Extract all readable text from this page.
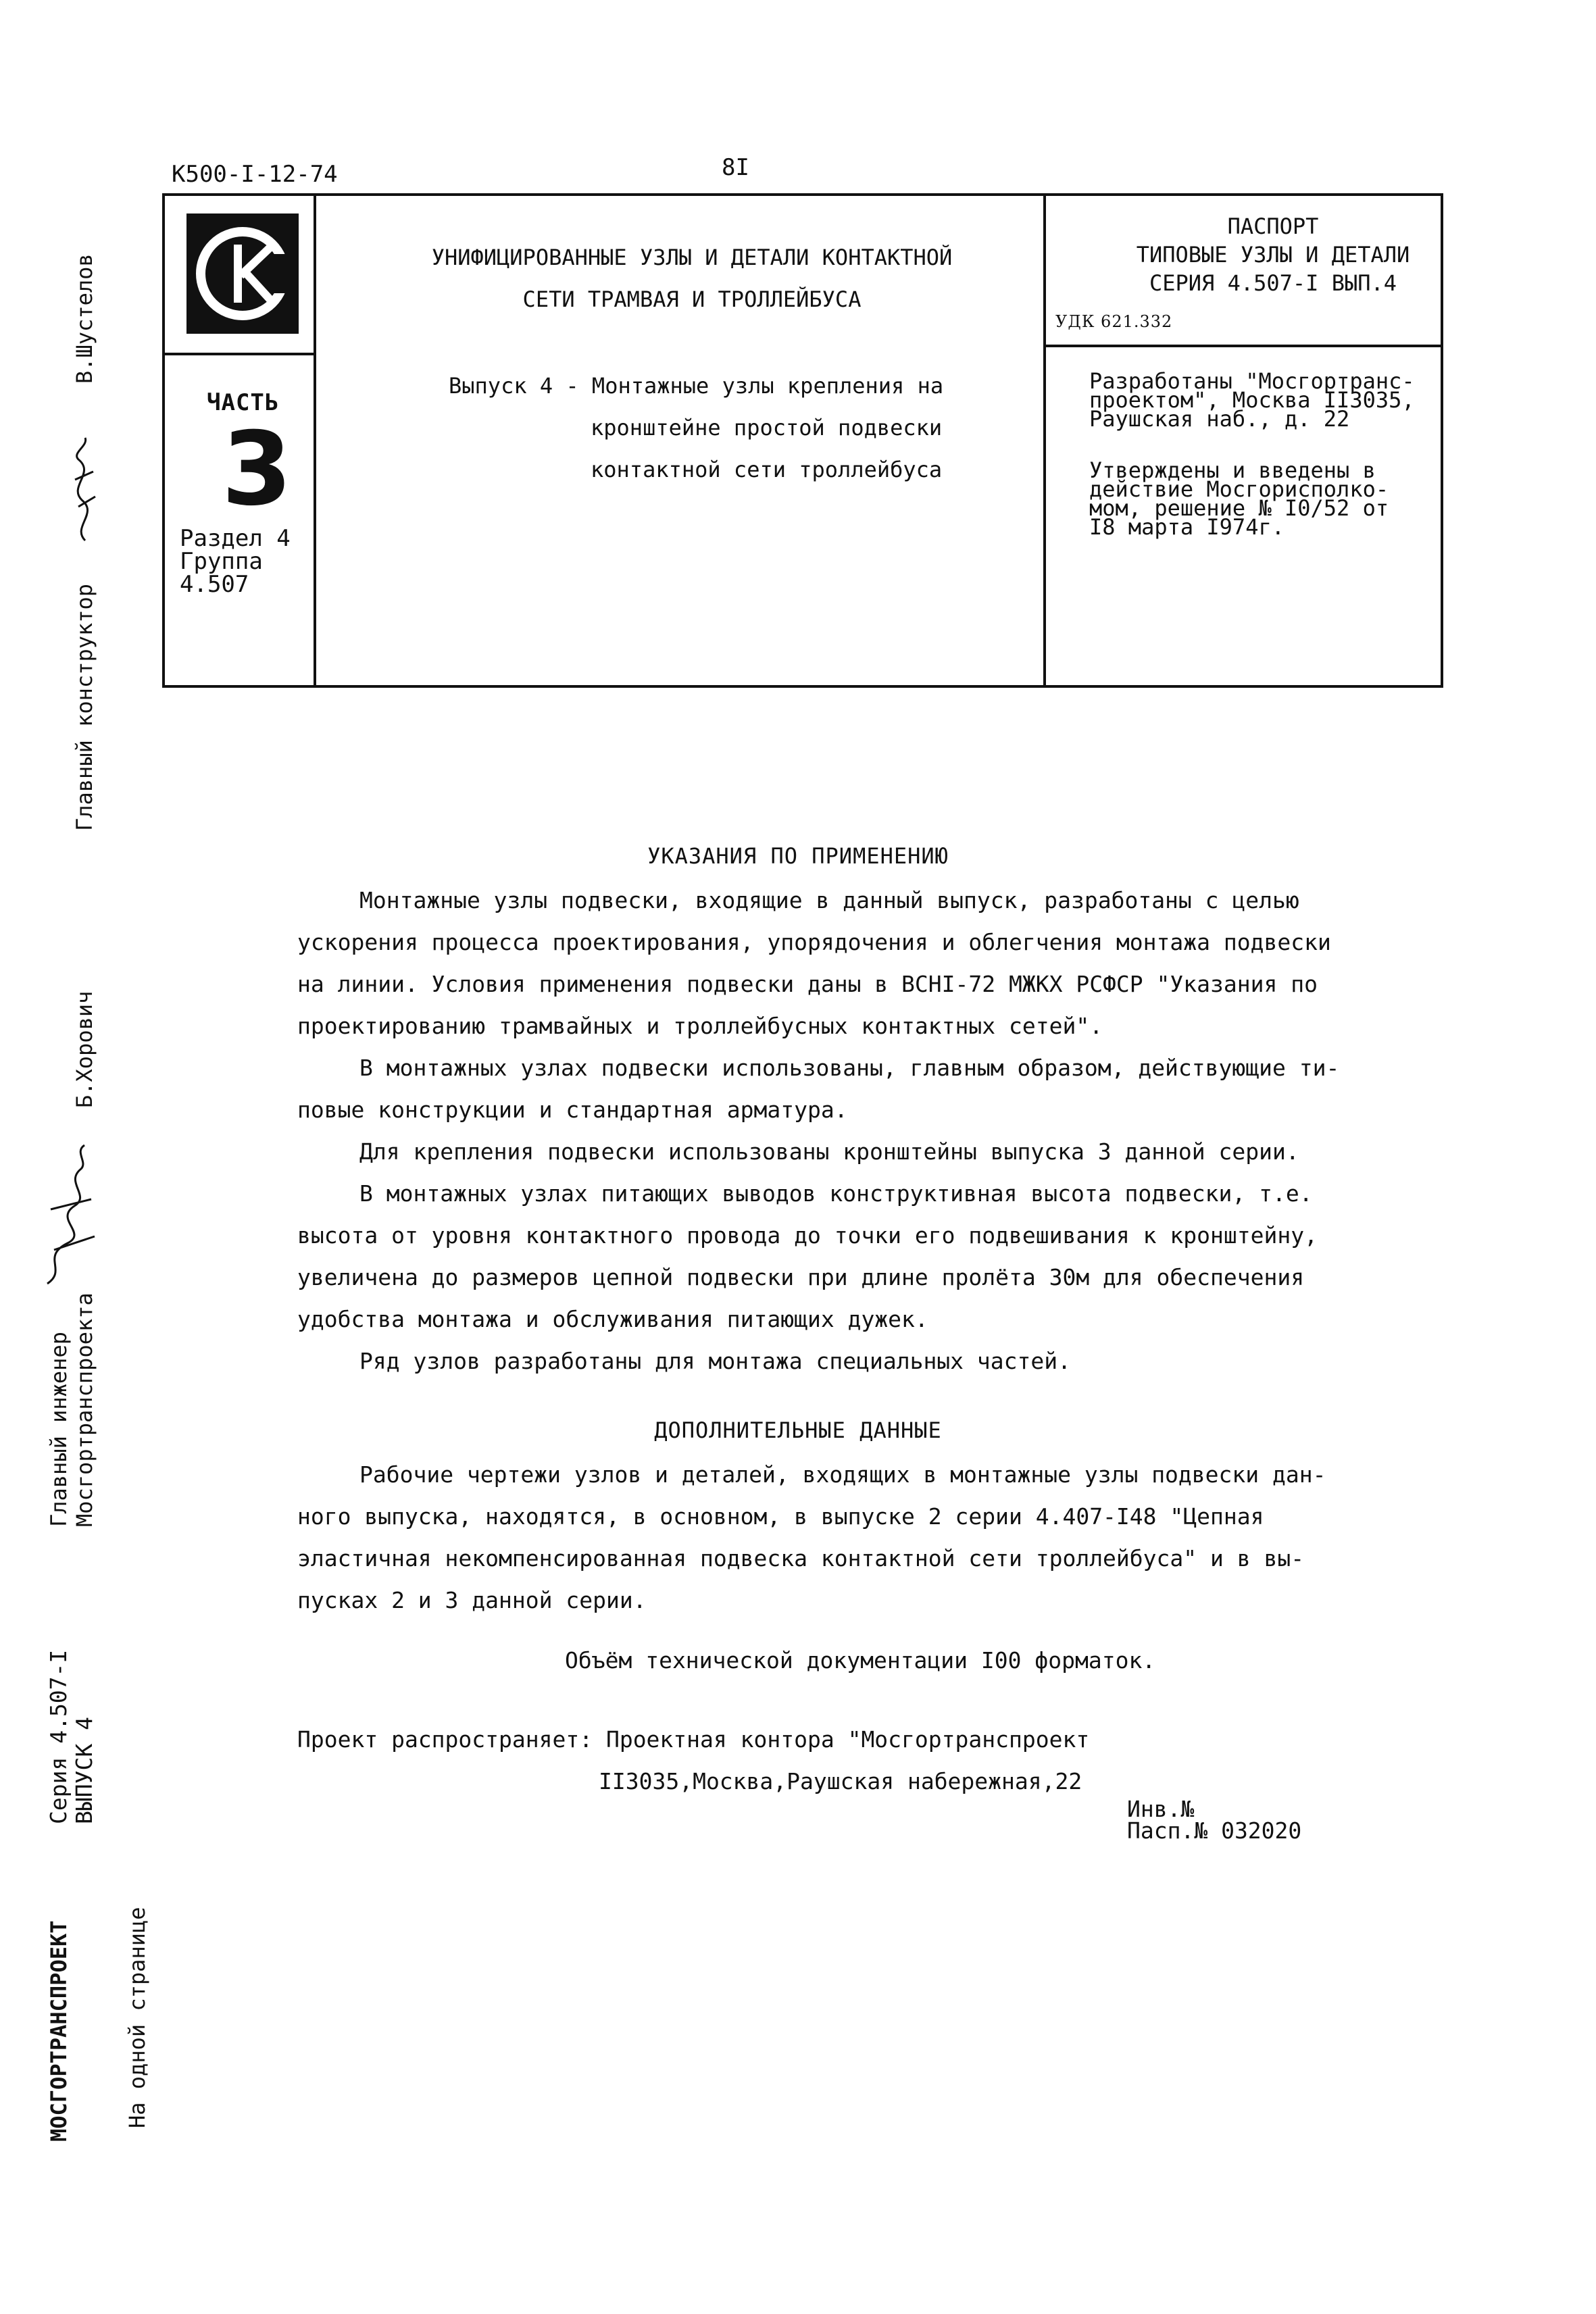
К500-I-12-74	8I
ЧАСТЬ
3
Раздел 4
Группа
4.507
УНИФИЦИРОВАННЫЕ УЗЛЫ И ДЕТАЛИ КОНТАКТНОЙ
СЕТИ ТРАМВАЯ И ТРОЛЛЕЙБУСА
Выпуск 4 - Монтажные узлы крепления на
кронштейне простой подвески
контактной сети троллейбуса
ПАСПОРТ
ТИПОВЫЕ УЗЛЫ И ДЕТАЛИ
СЕРИЯ 4.507-I ВЫП.4
УДК 621.332
Разработаны "Мосгортранс-
проектом", Москва II3035,
Раушская наб., д. 22
Утверждены и введены в
действие Мосгорисполко-
мом, решение № I0/52 от
I8 марта I974г.
УКАЗАНИЯ ПО ПРИМЕНЕНИЮ
Монтажные узлы подвески, входящие в данный выпуск, разработаны с целью
ускорения процесса проектирования, упорядочения и облегчения монтажа подвески
на линии. Условия применения подвески даны в ВСНI-72 МЖКХ РСФСР "Указания по
проектированию трамвайных и троллейбусных контактных сетей".
В монтажных узлах подвески использованы, главным образом, действующие ти-
повые конструкции и стандартная арматура.
Для крепления подвески использованы кронштейны выпуска 3 данной серии.
В монтажных узлах питающих выводов конструктивная высота подвески, т.е.
высота от уровня контактного провода до точки его подвешивания к кронштейну,
увеличена до размеров цепной подвески при длине пролёта 30м для обеспечения
удобства монтажа и обслуживания питающих дужек.
Ряд узлов разработаны для монтажа специальных частей.
ДОПОЛНИТЕЛЬНЫЕ ДАННЫЕ
Рабочие чертежи узлов и деталей, входящих в монтажные узлы подвески дан-
ного выпуска, находятся, в основном, в выпуске 2 серии 4.407-I48 "Цепная
эластичная некомпенсированная подвеска контактной сети троллейбуса" и в вы-
пусках 2 и 3 данной серии.
Объём технической документации I00 форматок.
Проект распространяет: Проектная контора "Мосгортранспроект
II3035,Москва,Раушская набережная,22
Инв.№
Пасп.№ 032020
В.Шустелов
Главный конструктор
Б.Хорович
Главный инженер Мосгортранспроекта
Серия 4.507-I ВЫПУСК 4
МОСГОРТРАНСПРОЕКТ На одной странице
